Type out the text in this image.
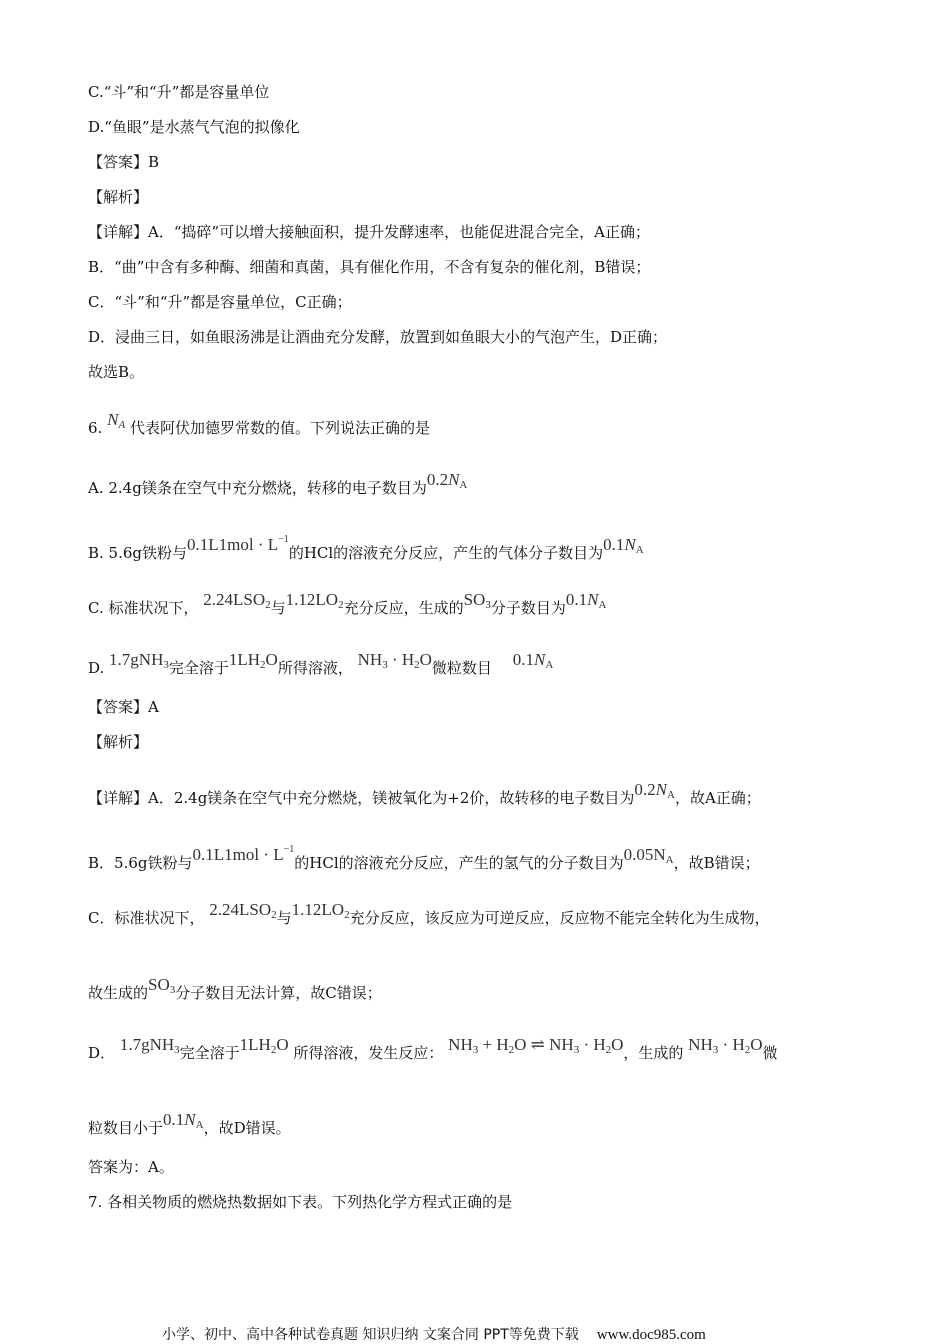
C.“斗”和“升”都是容量单位
D.“鱼眼”是水蒸气气泡的拟像化
【答案】B
【解析】
【详解】A．“捣碎”可以增大接触面积，提升发酵速率，也能促进混合完全，A正确；
B．“曲”中含有多种酶、细菌和真菌，具有催化作用，不含有复杂的催化剂，B错误；
C．“斗”和“升”都是容量单位，C正确；
D．浸曲三日，如鱼眼汤沸是让酒曲充分发酵，放置到如鱼眼大小的气泡产生，D正确；
故选B。
6. NA 代表阿伏加德罗常数的值。下列说法正确的是
A. 2.4g镁条在空气中充分燃烧，转移的电子数目为0.2NA
B. 5.6g铁粉与$0.1L1mol \cdot L^{-1}$的HCl的溶液充分反应，产生的气体分子数目为0.1NA
C. 标准状况下， 2.24LSO2与1.12LO2充分反应，生成的SO3分子数目为0.1NA
D. 1.7gNH3完全溶于1LH2O所得溶液， NH3 · H2O微粒数目 0.1NA
【答案】A
【解析】
【详解】A．2.4g镁条在空气中充分燃烧，镁被氧化为+2价，故转移的电子数目为0.2NA，故A正确；
B．5.6g铁粉与$0.1L1mol \cdot L^{-1}$的HCl的溶液充分反应，产生的氢气的分子数目为0.05NA，故B错误；
C．标准状况下， 2.24LSO2与1.12LO2充分反应，该反应为可逆反应，反应物不能完全转化为生成物，
故生成的SO3分子数目无法计算，故C错误；
D． 1.7gNH3完全溶于1LH2O 所得溶液，发生反应： NH3 + H2O ⇌ NH3 · H2O，生成的 NH3 · H2O微
粒数目小于0.1NA，故D错误。
答案为：A。
7. 各相关物质的燃烧热数据如下表。下列热化学方程式正确的是
小学、初中、高中各种试卷真题 知识归纳 文案合同 PPT等免费下载 www.doc985.com
